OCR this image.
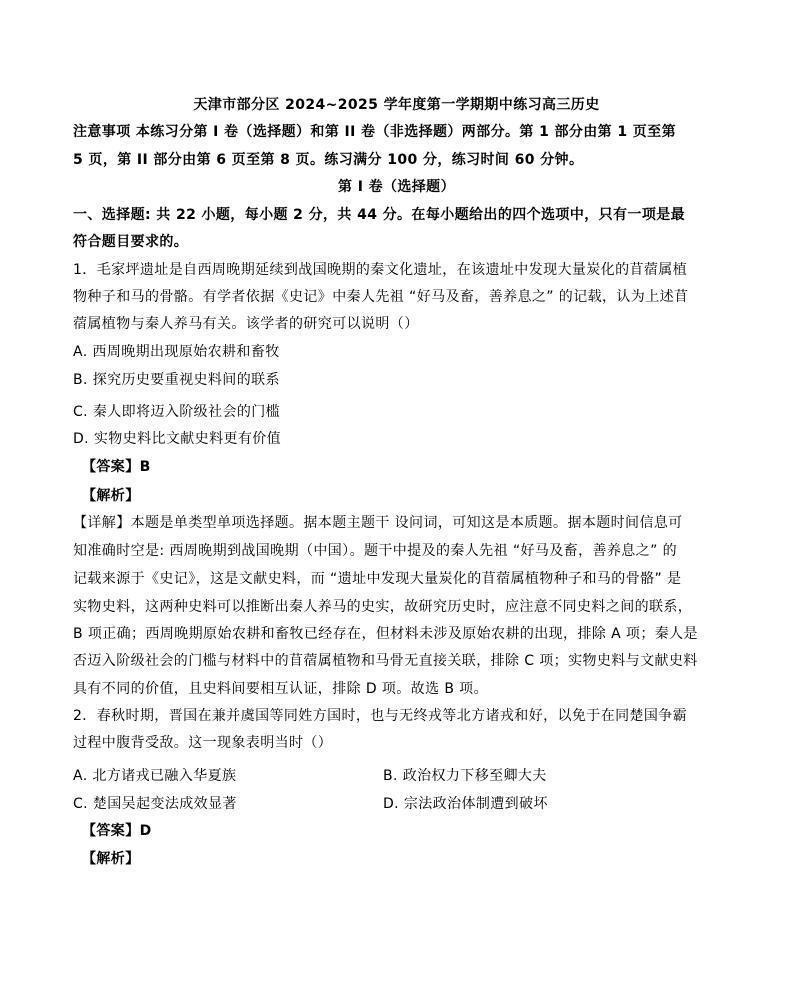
天津市部分区 2024~2025 学年度第一学期期中练习高三历史
注意事项 本练习分第 I 卷（选择题）和第 II 卷（非选择题）两部分。第 1 部分由第 1 页至第
5 页，第 II 部分由第 6 页至第 8 页。练习满分 100 分，练习时间 60 分钟。
第 I 卷（选择题）
一、选择题: 共 22 小题，每小题 2 分，共 44 分。在每小题给出的四个选项中，只有一项是最
符合题目要求的。
1．毛家坪遗址是自西周晚期延续到战国晚期的秦文化遗址，在该遗址中发现大量炭化的苜蓿属植
物种子和马的骨骼。有学者依据《史记》中秦人先祖 “好马及畜，善养息之” 的记载，认为上述苜
蓿属植物与秦人养马有关。该学者的研究可以说明（）
A. 西周晚期出现原始农耕和畜牧
B. 探究历史要重视史料间的联系
C. 秦人即将迈入阶级社会的门槛
D. 实物史料比文献史料更有价值
【答案】B
【解析】
【详解】本题是单类型单项选择题。据本题主题干 设问词，可知这是本质题。据本题时间信息可
知准确时空是: 西周晚期到战国晚期（中国）。题干中提及的秦人先祖 “好马及畜，善养息之” 的
记载来源于《史记》，这是文献史料，而 “遗址中发现大量炭化的苜蓿属植物种子和马的骨骼” 是
实物史料，这两种史料可以推断出秦人养马的史实，故研究历史时，应注意不同史料之间的联系，
B 项正确；西周晚期原始农耕和畜牧已经存在，但材料未涉及原始农耕的出现，排除 A 项；秦人是
否迈入阶级社会的门槛与材料中的苜蓿属植物和马骨无直接关联，排除 C 项；实物史料与文献史料
具有不同的价值，且史料间要相互认证，排除 D 项。故选 B 项。
2．春秋时期，晋国在兼并虞国等同姓方国时，也与无终戎等北方诸戎和好，以免于在同楚国争霸
过程中腹背受敌。这一现象表明当时（）
A. 北方诸戎已融入华夏族	B. 政治权力下移至卿大夫
C. 楚国吴起变法成效显著	D. 宗法政治体制遭到破坏
【答案】D
【解析】
